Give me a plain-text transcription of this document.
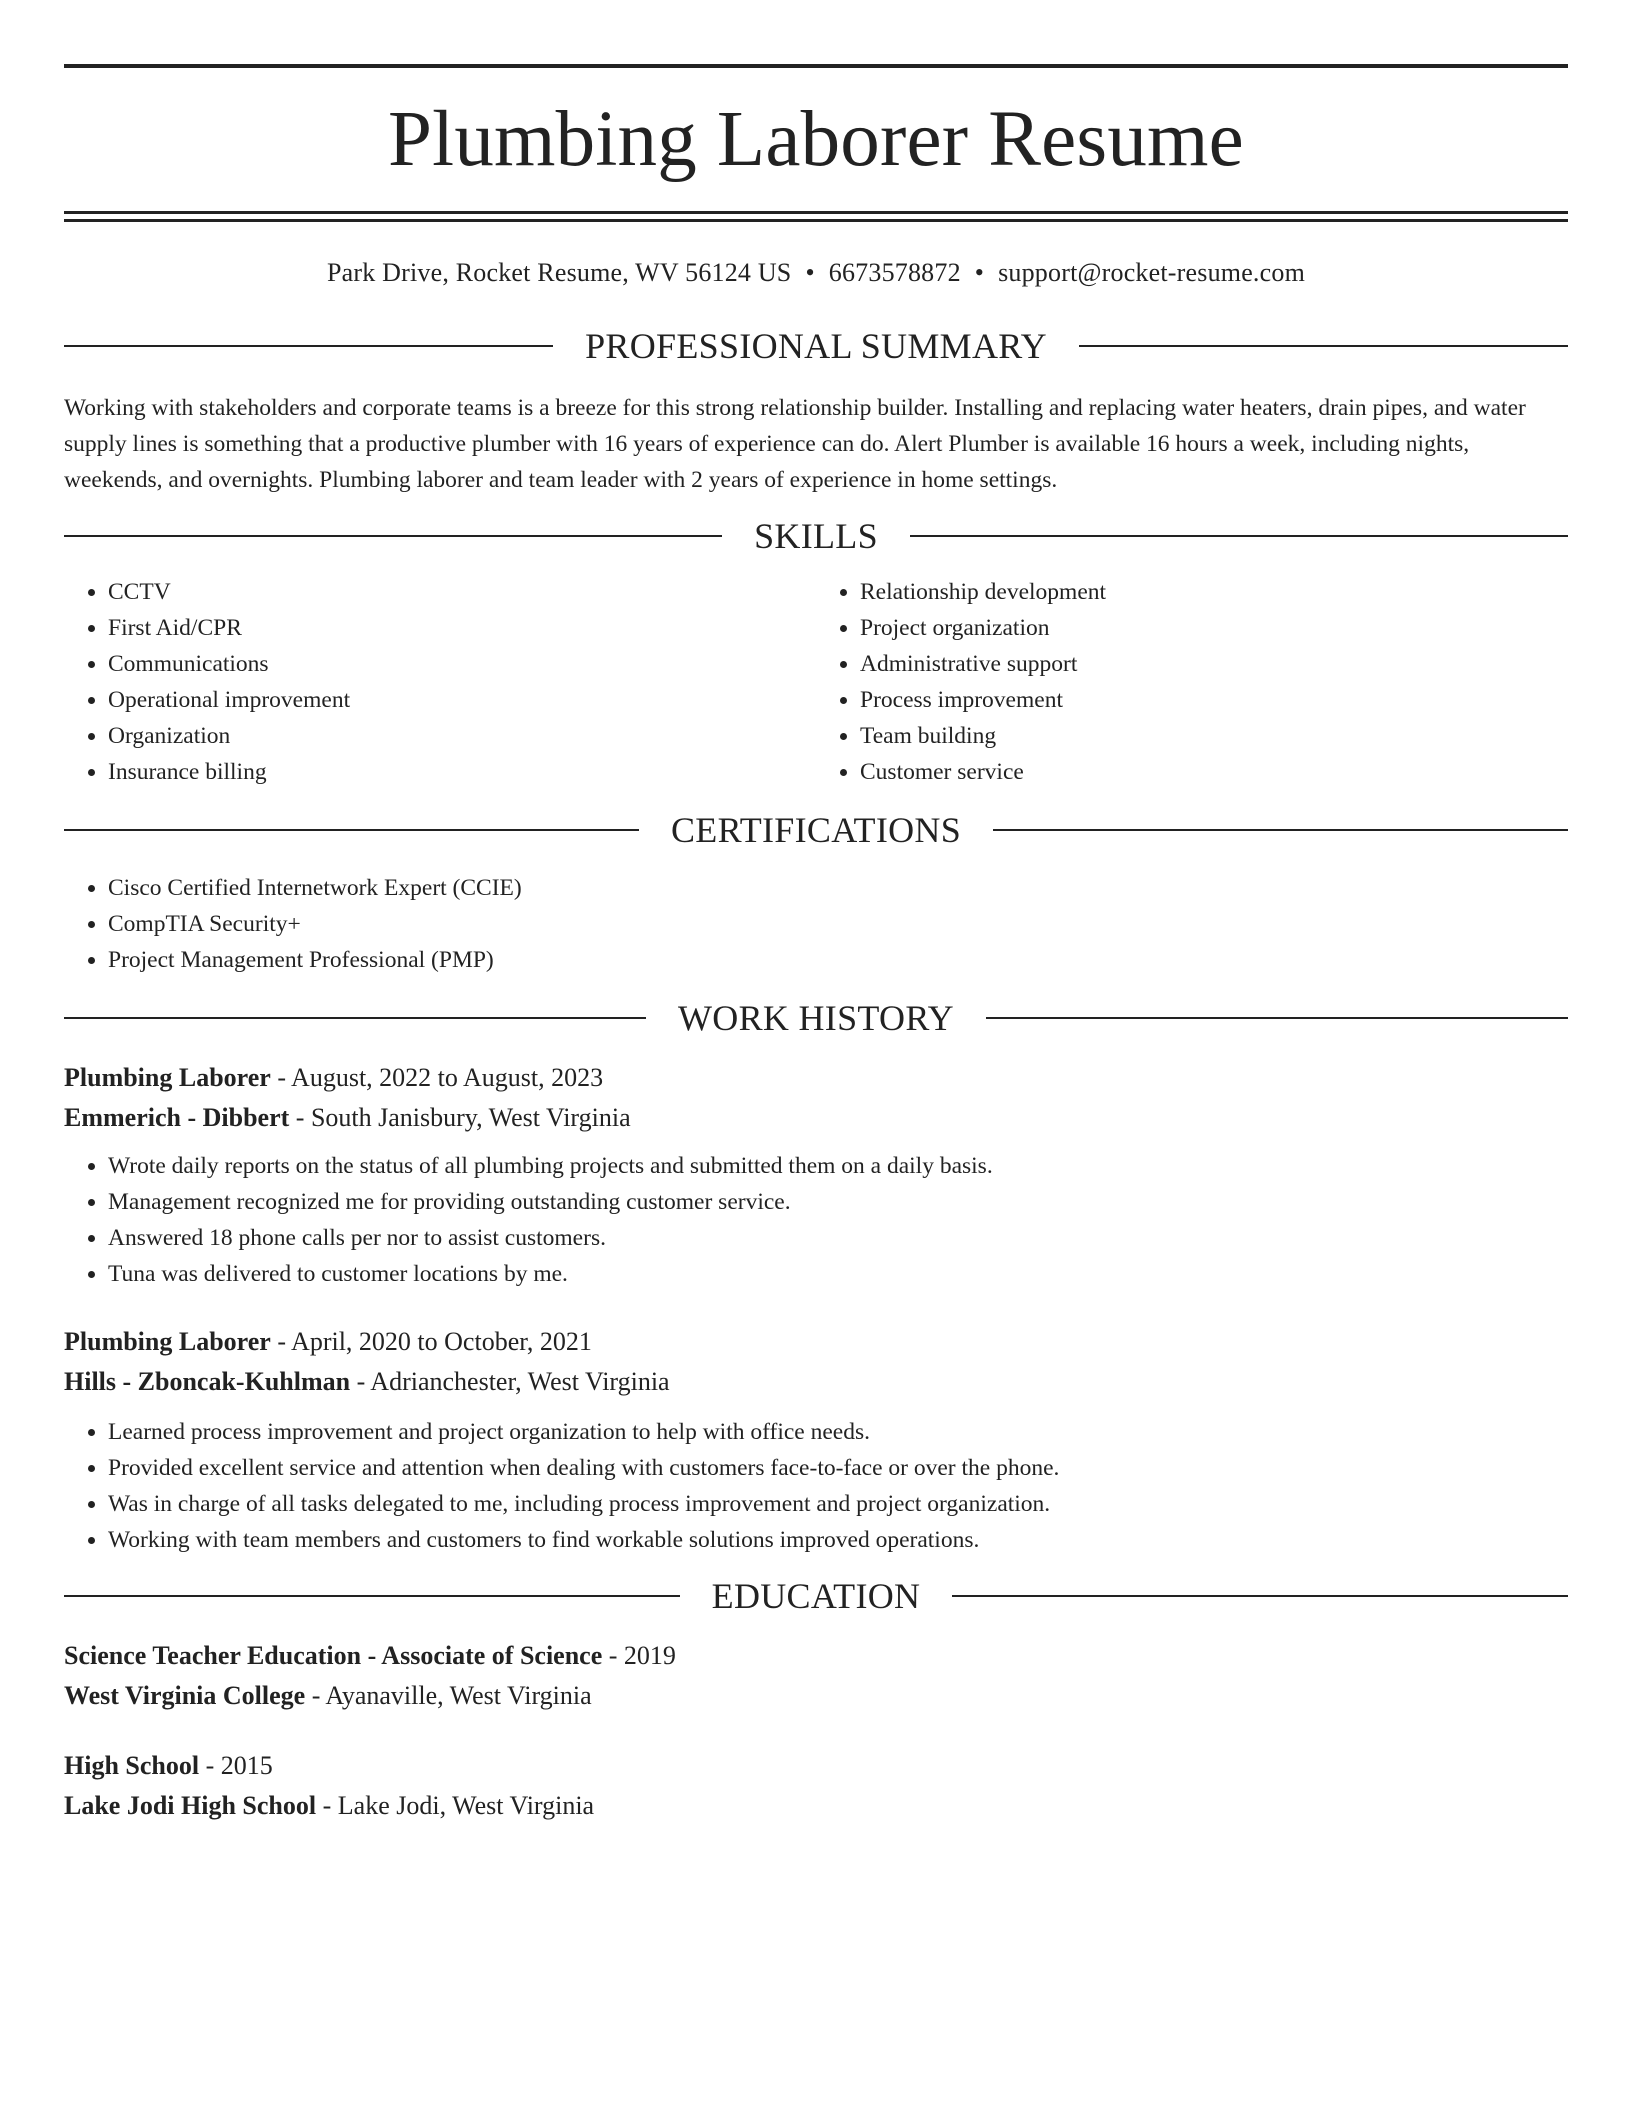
Plumbing Laborer Resume
Park Drive, Rocket Resume, WV 56124 US • 6673578872 • support@rocket-resume.com
PROFESSIONAL SUMMARY

Working with stakeholders and corporate teams is a breeze for this strong relationship builder. Installing and replacing water heaters, drain pipes, and water supply lines is something that a productive plumber with 16 years of experience can do. Alert Plumber is available 16 hours a week, including nights, weekends, and overnights. Plumbing laborer and team leader with 2 years of experience in home settings.

SKILLS
• CCTV
• First Aid/CPR
• Communications
• Operational improvement
• Organization
• Insurance billing
• Relationship development
• Project organization
• Administrative support
• Process improvement
• Team building
• Customer service
CERTIFICATIONS
• Cisco Certified Internetwork Expert (CCIE)
• CompTIA Security+
• Project Management Professional (PMP)
WORK HISTORY
Plumbing Laborer - August, 2022 to August, 2023
Emmerich - Dibbert - South Janisbury, West Virginia
• Wrote daily reports on the status of all plumbing projects and submitted them on a daily basis.
• Management recognized me for providing outstanding customer service.
• Answered 18 phone calls per nor to assist customers.
• Tuna was delivered to customer locations by me.
Plumbing Laborer - April, 2020 to October, 2021
Hills - Zboncak-Kuhlman - Adrianchester, West Virginia
• Learned process improvement and project organization to help with office needs.
• Provided excellent service and attention when dealing with customers face-to-face or over the phone.
• Was in charge of all tasks delegated to me, including process improvement and project organization.
• Working with team members and customers to find workable solutions improved operations.
EDUCATION
Science Teacher Education - Associate of Science - 2019
West Virginia College - Ayanaville, West Virginia
High School - 2015
Lake Jodi High School - Lake Jodi, West Virginia
